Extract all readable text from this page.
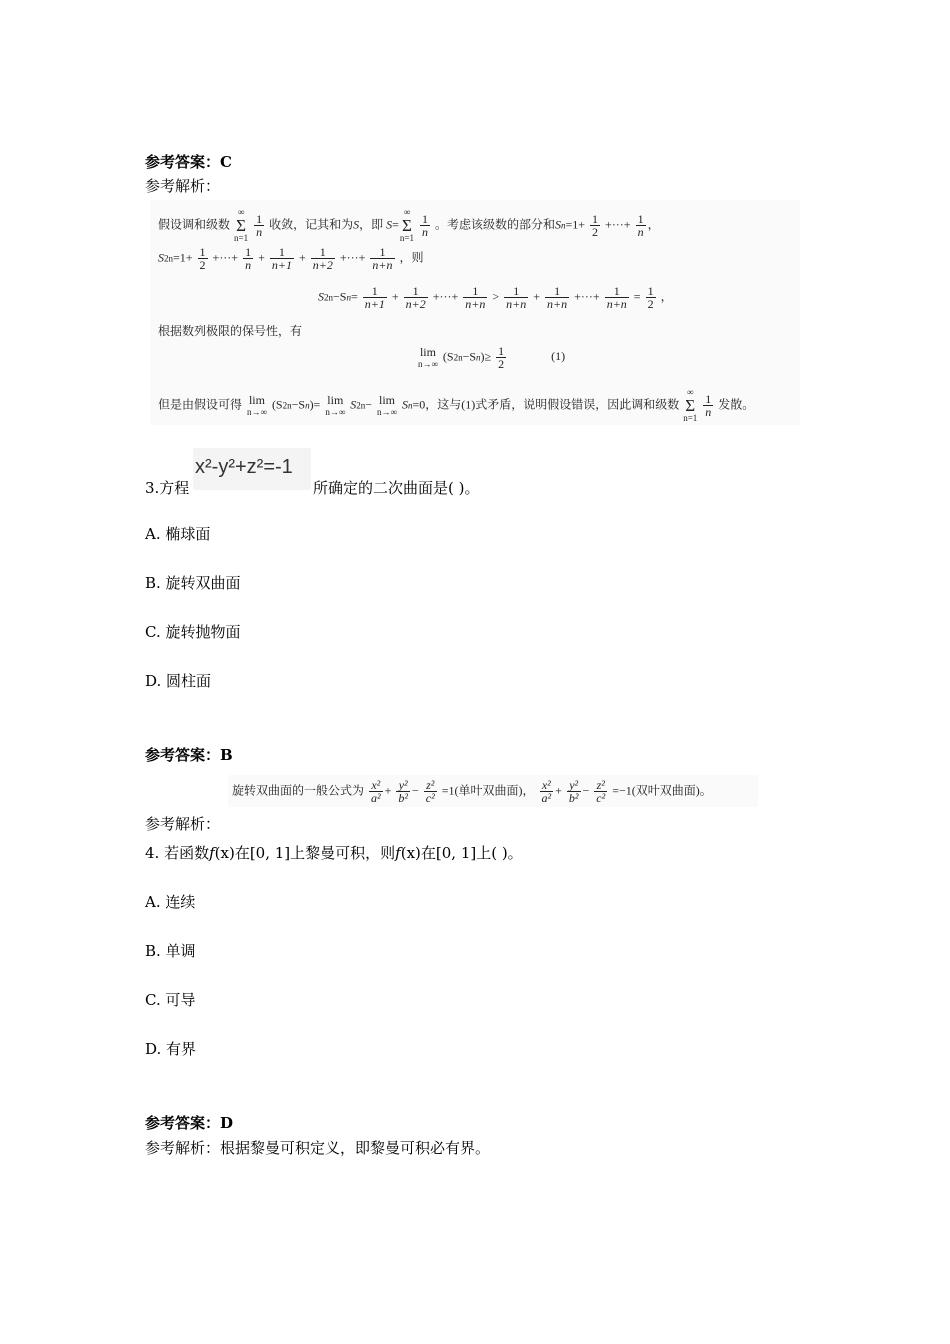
参考答案：C
参考解析：
假设调和级数 ∞
Σ
$n=1 \frac{1}{n}$ 收敛，记其和为S，即 S=∞
Σ
$n=1 \frac{1}{n}$ 。考虑该级数的部分和$Sn=1+ \frac{1}{2}$ +···+ $\frac{1}{n}$ ，
$S2n=1+ \frac{1}{2}$ +···+ $\frac{1}{n} + \frac{1}{n+1} + \frac{1}{n+2}$ +···+ $\frac{1}{n+n}$ ，则
$S2n-Sn= \frac{1}{n+1} + \frac{1}{n+2}$ +···+ $\frac{1}{n+n} > \frac{1}{n+n} + \frac{1}{n+n}$ +···+ $\frac{1}{n+n} = \frac{1}{2}$ ，
根据数列极限的保号性，有
lim
n→∞
$(S2n-Sn)\ge \frac{1}{2}$	(1)
但是由假设可得 lim
n→∞
(S2n−Sn)= lim
n→∞
S2n− lim
n→∞
Sn=0，这与(1)式矛盾，说明假设错误，因此调和级数 ∞
Σ
$n=1 \frac{1}{n}$ 发散。
3.方程
x²-y²+z²=-1
所确定的二次曲面是( )。
A. 椭球面
B. 旋转双曲面
C. 旋转抛物面
D. 圆柱面
参考答案：B
旋转双曲面的一般公式为 $\frac{\text{x²}}{\text{a²}} + \frac{\text{y²}}{\text{b²}} - \frac{\text{z²}}{\text{c²}} =1$(单叶双曲面)， $\frac{\text{x²}}{\text{a²}} + \frac{\text{y²}}{\text{b²}} - \frac{\text{z²}}{\text{c²}} =-1$(双叶双曲面)。
参考解析：
4. 若函数f(x)在[0, 1]上黎曼可积，则f(x)在[0, 1]上( )。
A. 连续
B. 单调
C. 可导
D. 有界
参考答案：D
参考解析：根据黎曼可积定义，即黎曼可积必有界。
